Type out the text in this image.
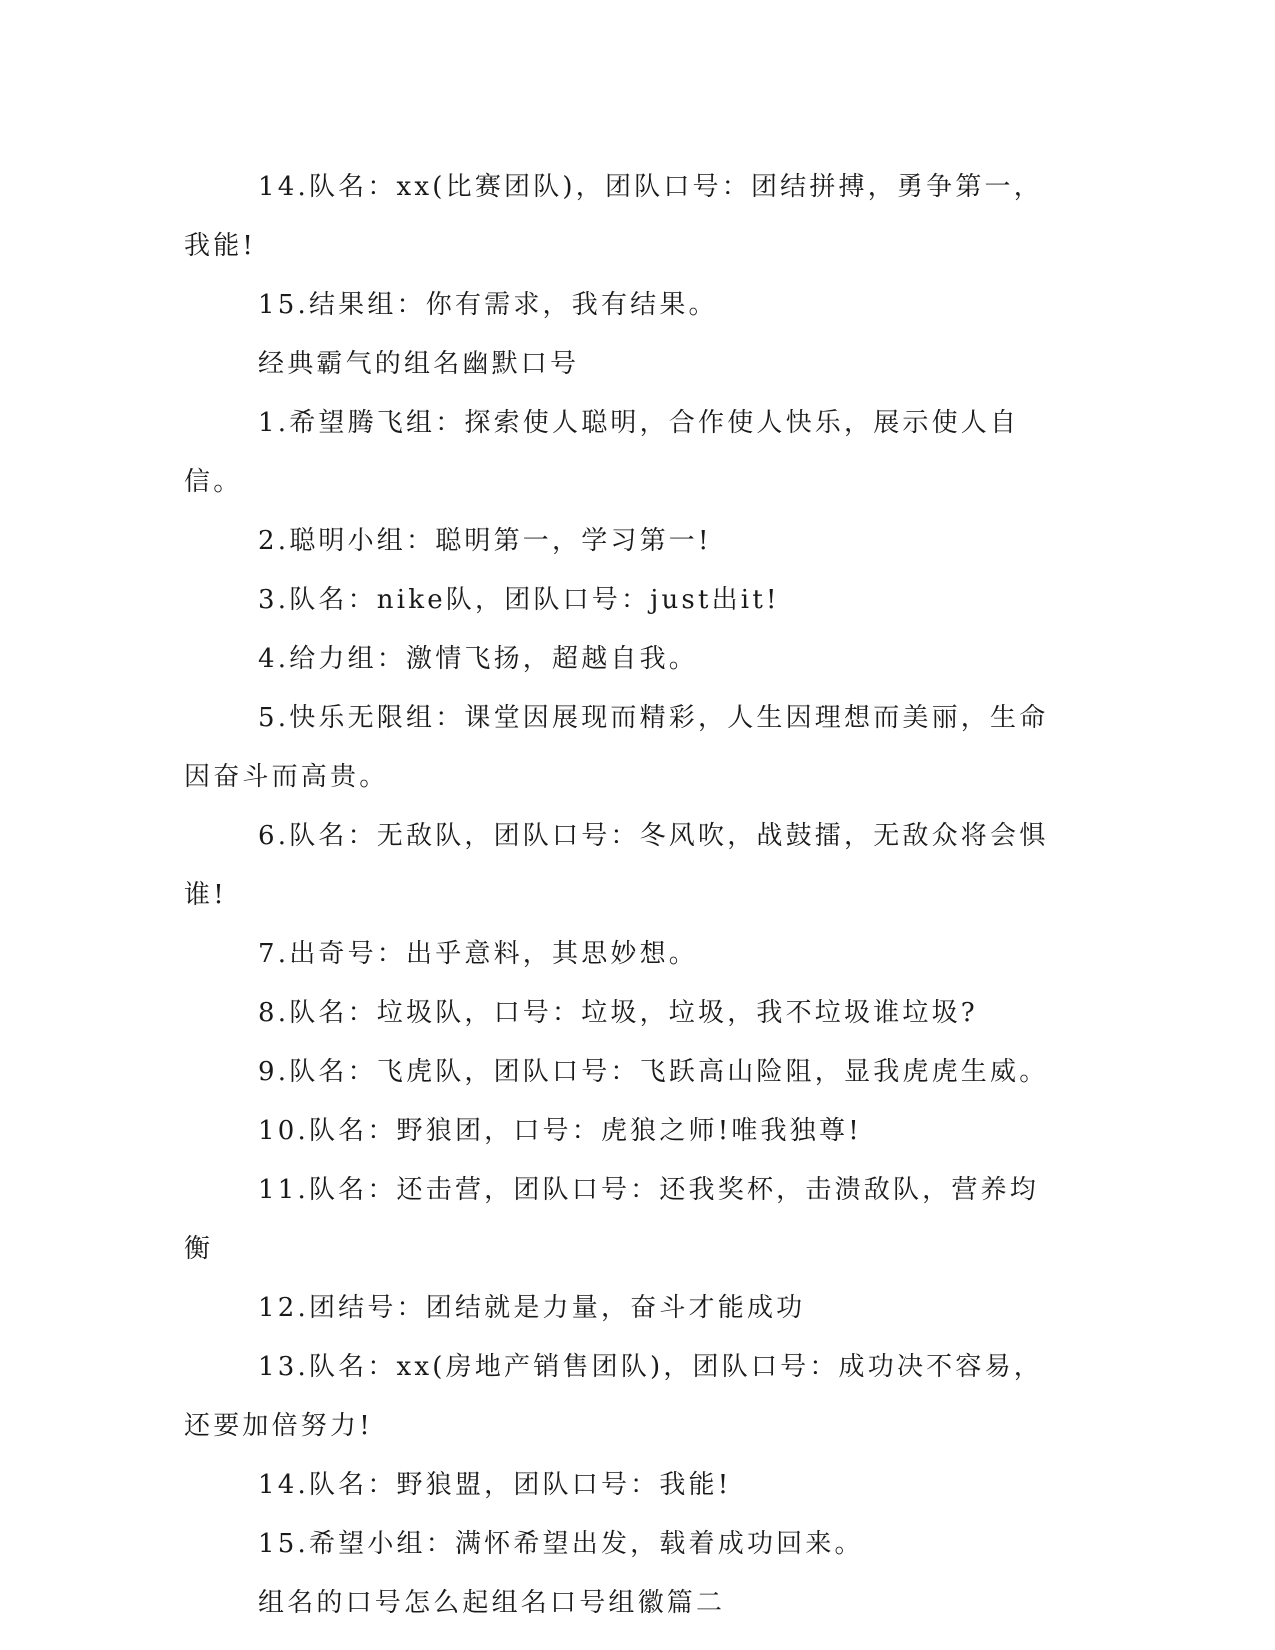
14.队名：xx(比赛团队)，团队口号：团结拼搏，勇争第一，我能!

15.结果组：你有需求，我有结果。

经典霸气的组名幽默口号

1.希望腾飞组：探索使人聪明，合作使人快乐，展示使人自信。

2.聪明小组：聪明第一，学习第一!

3.队名：nike队，团队口号：just出it!

4.给力组：激情飞扬，超越自我。

5.快乐无限组：课堂因展现而精彩，人生因理想而美丽，生命因奋斗而高贵。

6.队名：无敌队，团队口号：冬风吹，战鼓擂，无敌众将会惧谁!

7.出奇号：出乎意料，其思妙想。

8.队名：垃圾队，口号：垃圾，垃圾，我不垃圾谁垃圾?

9.队名：飞虎队，团队口号：飞跃高山险阻，显我虎虎生威。

10.队名：野狼团，口号：虎狼之师!唯我独尊!

11.队名：还击营，团队口号：还我奖杯，击溃敌队，营养均衡

12.团结号：团结就是力量，奋斗才能成功

13.队名：xx(房地产销售团队)，团队口号：成功决不容易，还要加倍努力!

14.队名：野狼盟，团队口号：我能!

15.希望小组：满怀希望出发，载着成功回来。

组名的口号怎么起组名口号组徽篇二
